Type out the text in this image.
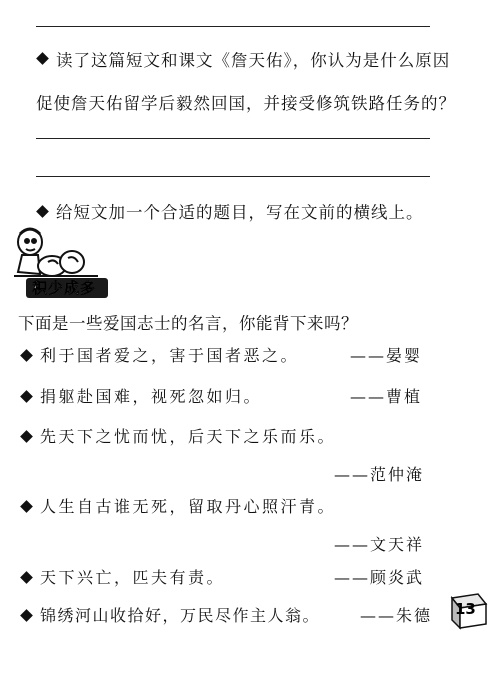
读了这篇短文和课文《詹天佑》，你认为是什么原因
促使詹天佑留学后毅然回国，并接受修筑铁路任务的？
给短文加一个合适的题目，写在文前的横线上。
积少成多
下面是一些爱国志士的名言，你能背下来吗？
利于国者爱之，害于国者恶之。	——晏婴
捐躯赴国难，视死忽如归。	——曹植
先天下之忧而忧，后天下之乐而乐。
——范仲淹
人生自古谁无死，留取丹心照汗青。
——文天祥
天下兴亡，匹夫有责。	——顾炎武
锦绣河山收拾好，万民尽作主人翁。 ——朱德 13
